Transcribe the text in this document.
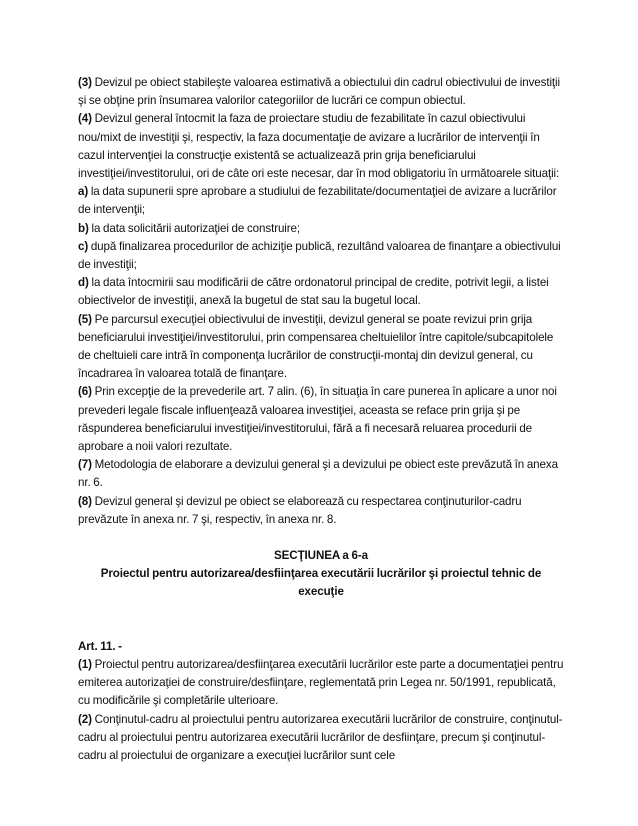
(3) Devizul pe obiect stabileşte valoarea estimativă a obiectului din cadrul obiectivului de investiţii şi se obţine prin însumarea valorilor categoriilor de lucrări ce compun obiectul.

(4) Devizul general întocmit la faza de proiectare studiu de fezabilitate în cazul obiectivului nou/mixt de investiţii şi, respectiv, la faza documentaţie de avizare a lucrărilor de intervenţii în cazul intervenţiei la construcţie existentă se actualizează prin grija beneficiarului investiţiei/investitorului, ori de câte ori este necesar, dar în mod obligatoriu în următoarele situaţii:

a) la data supunerii spre aprobare a studiului de fezabilitate/documentaţiei de avizare a lucrărilor de intervenţii;

b) la data solicitării autorizaţiei de construire;

c) după finalizarea procedurilor de achiziţie publică, rezultând valoarea de finanţare a obiectivului de investiţii;

d) la data întocmirii sau modificării de către ordonatorul principal de credite, potrivit legii, a listei obiectivelor de investiţii, anexă la bugetul de stat sau la bugetul local.

(5) Pe parcursul execuţiei obiectivului de investiţii, devizul general se poate revizui prin grija beneficiarului investiţiei/investitorului, prin compensarea cheltuielilor între capitole/subcapitolele de cheltuieli care intră în componenţa lucrărilor de construcţii-montaj din devizul general, cu încadrarea în valoarea totală de finanţare.

(6) Prin excepţie de la prevederile art. 7 alin. (6), în situaţia în care punerea în aplicare a unor noi prevederi legale fiscale influenţează valoarea investiţiei, aceasta se reface prin grija şi pe răspunderea beneficiarului investiţiei/investitorului, fără a fi necesară reluarea procedurii de aprobare a noii valori rezultate.

(7) Metodologia de elaborare a devizului general şi a devizului pe obiect este prevăzută în anexa nr. 6.

(8) Devizul general şi devizul pe obiect se elaborează cu respectarea conţinuturilor-cadru prevăzute în anexa nr. 7 şi, respectiv, în anexa nr. 8.

SECŢIUNEA a 6-a
Proiectul pentru autorizarea/desfiinţarea executării lucrărilor şi proiectul tehnic de
execuţie

Art. 11. -

(1) Proiectul pentru autorizarea/desfiinţarea executării lucrărilor este parte a documentaţiei pentru emiterea autorizaţiei de construire/desfiinţare, reglementată prin Legea nr. 50/1991, republicată, cu modificările şi completările ulterioare.

(2) Conţinutul-cadru al proiectului pentru autorizarea executării lucrărilor de construire, conţinutul-cadru al proiectului pentru autorizarea executării lucrărilor de desfiinţare, precum şi conţinutul-cadru al proiectului de organizare a execuţiei lucrărilor sunt cele
